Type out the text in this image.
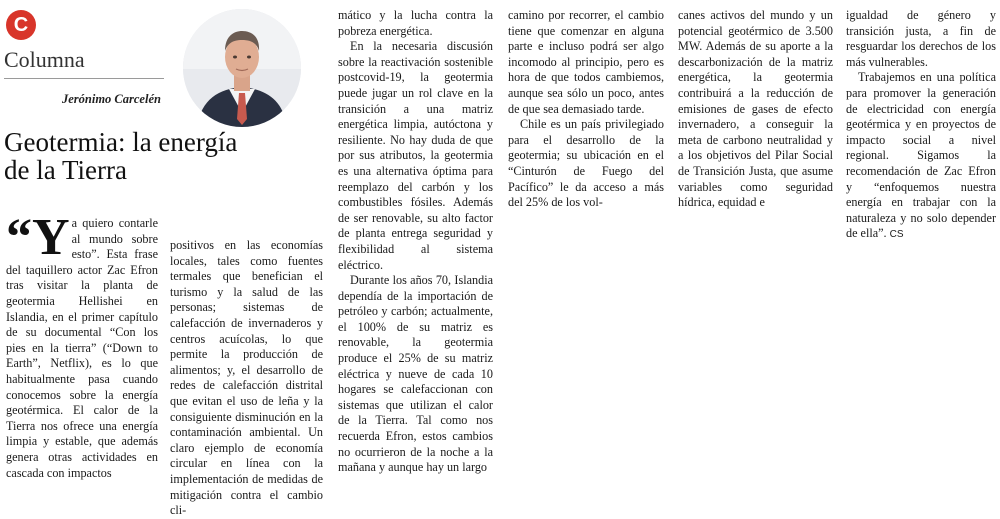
C
Columna
Jerónimo Carcelén
Geotermia: la energía de la Tierra

“Ya quiero contarle al mundo sobre esto”. Esta frase del taquillero actor Zac Efron tras visitar la planta de geotermia Hellishei en Islandia, en el primer capítulo de su documental “Con los pies en la tierra” (“Down to Earth”, Netflix), es lo que habitualmente pasa cuando conocemos sobre la energía geotérmica. El calor de la Tierra nos ofrece una energía limpia y estable, que además genera otras actividades en cascada con impactos

positivos en las economías locales, tales como fuentes termales que benefician el turismo y la salud de las personas; sistemas de calefacción de invernaderos y centros acuícolas, lo que permite la producción de alimentos; y, el desarrollo de redes de calefacción distrital que evitan el uso de leña y la consiguiente disminución en la contaminación ambiental. Un claro ejemplo de economía circular en línea con la implementación de medidas de mitigación contra el cambio cli-

mático y la lucha contra la pobreza energética.

En la necesaria discusión sobre la reactivación sostenible postcovid-19, la geotermia puede jugar un rol clave en la transición a una matriz energética limpia, autóctona y resiliente. No hay duda de que por sus atributos, la geotermia es una alternativa óptima para reemplazo del carbón y los combustibles fósiles. Además de ser renovable, su alto factor de planta entrega seguridad y flexibilidad al sistema eléctrico.

Durante los años 70, Islandia dependía de la importación de petróleo y carbón; actualmente, el 100% de su matriz es renovable, la geotermia produce el 25% de su matriz eléctrica y nueve de cada 10 hogares se calefaccionan con sistemas que utilizan el calor de la Tierra. Tal como nos recuerda Efron, estos cambios no ocurrieron de la noche a la mañana y aunque hay un largo

camino por recorrer, el cambio tiene que comenzar en alguna parte e incluso podrá ser algo incomodo al principio, pero es hora de que todos cambiemos, aunque sea sólo un poco, antes de que sea demasiado tarde.

Chile es un país privilegiado para el desarrollo de la geotermia; su ubicación en el “Cinturón de Fuego del Pacífico” le da acceso a más del 25% de los vol-

canes activos del mundo y un potencial geotérmico de 3.500 MW. Además de su aporte a la descarbonización de la matriz energética, la geotermia contribuirá a la reducción de emisiones de gases de efecto invernadero, a conseguir la meta de carbono neutralidad y a los objetivos del Pilar Social de Transición Justa, que asume variables como seguridad hídrica, equidad e

igualdad de género y transición justa, a fin de resguardar los derechos de los más vulnerables.

Trabajemos en una política para promover la generación de electricidad con energía geotérmica y en proyectos de impacto social a nivel regional. Sigamos la recomendación de Zac Efron y “enfoquemos nuestra energía en trabajar con la naturaleza y no solo depender de ella”. CS
